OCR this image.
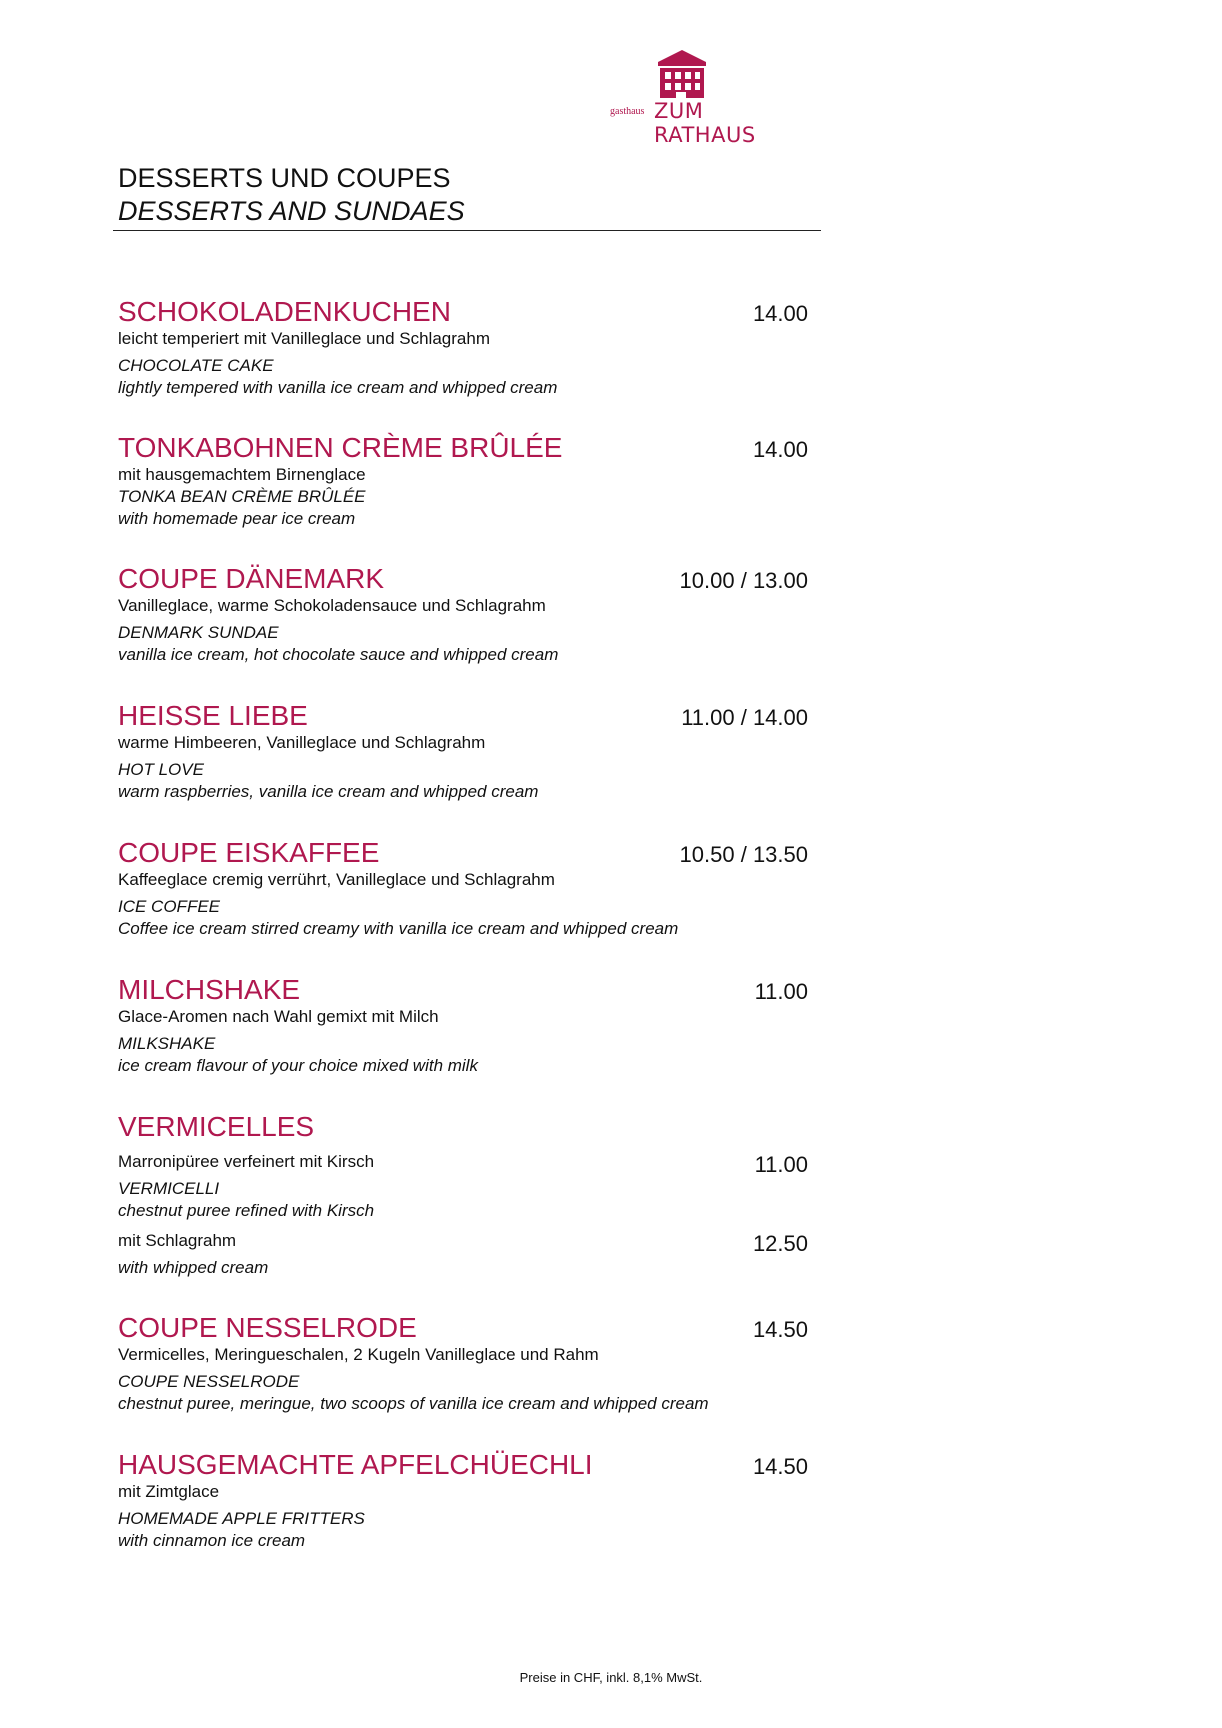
gasthaus ZUM RATHAUS
DESSERTS UND COUPES
DESSERTS AND SUNDAES
SCHOKOLADENKUCHEN	14.00
leicht temperiert mit Vanilleglace und Schlagrahm
CHOCOLATE CAKE
lightly tempered with vanilla ice cream and whipped cream
TONKABOHNEN CRÈME BRÛLÉE	14.00
mit hausgemachtem Birnenglace
TONKA BEAN CRÈME BRÛLÉE
with homemade pear ice cream
COUPE DÄNEMARK	10.00 / 13.00
Vanilleglace, warme Schokoladensauce und Schlagrahm
DENMARK SUNDAE
vanilla ice cream, hot chocolate sauce and whipped cream
HEISSE LIEBE	11.00 / 14.00
warme Himbeeren, Vanilleglace und Schlagrahm
HOT LOVE
warm raspberries, vanilla ice cream and whipped cream
COUPE EISKAFFEE	10.50 / 13.50
Kaffeeglace cremig verrührt, Vanilleglace und Schlagrahm
ICE COFFEE
Coffee ice cream stirred creamy with vanilla ice cream and whipped cream
MILCHSHAKE	11.00
Glace-Aromen nach Wahl gemixt mit Milch
MILKSHAKE
ice cream flavour of your choice mixed with milk
VERMICELLES
Marronipüree verfeinert mit Kirsch	11.00
VERMICELLI
chestnut puree refined with Kirsch
mit Schlagrahm	12.50
with whipped cream
COUPE NESSELRODE	14.50
Vermicelles, Meringueschalen, 2 Kugeln Vanilleglace und Rahm
COUPE NESSELRODE
chestnut puree, meringue, two scoops of vanilla ice cream and whipped cream
HAUSGEMACHTE APFELCHÜECHLI	14.50
mit Zimtglace
HOMEMADE APPLE FRITTERS
with cinnamon ice cream
Preise in CHF, inkl. 8,1% MwSt.
